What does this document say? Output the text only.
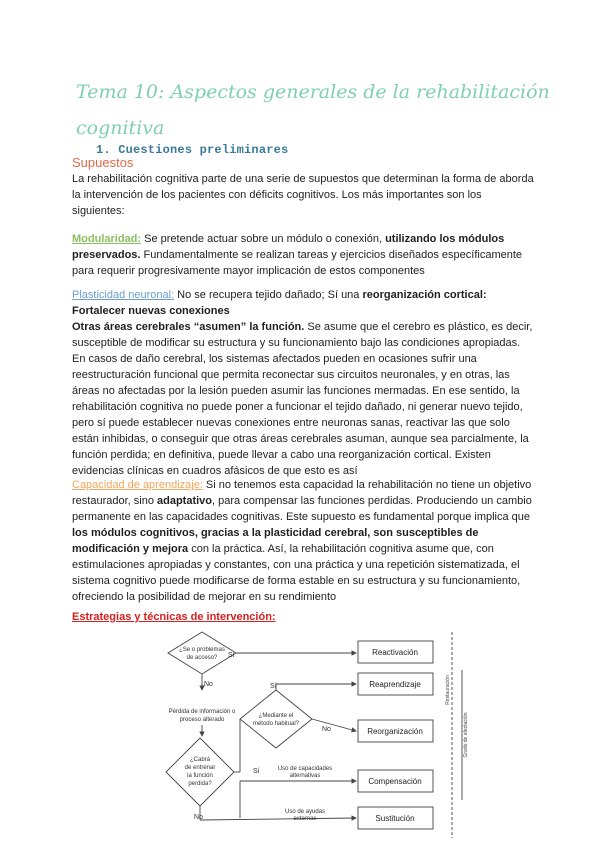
Tema 10: Aspectos generales de la rehabilitación cognitiva
1. Cuestiones preliminares
Supuestos

La rehabilitación cognitiva parte de una serie de supuestos que determinan la forma de aborda la intervención de los pacientes con déficits cognitivos. Los más importantes son los siguientes:

Modularidad: Se pretende actuar sobre un módulo o conexión, utilizando los módulos preservados. Fundamentalmente se realizan tareas y ejercicios diseñados específicamente para requerir progresivamente mayor implicación de estos componentes

Plasticidad neuronal: No se recupera tejido dañado; Sí una reorganización cortical: Fortalecer nuevas conexiones
Otras áreas cerebrales “asumen” la función. Se asume que el cerebro es plástico, es decir, susceptible de modificar su estructura y su funcionamiento bajo las condiciones apropiadas. En casos de daño cerebral, los sistemas afectados pueden en ocasiones sufrir una reestructuración funcional que permita reconectar sus circuitos neuronales, y en otras, las áreas no afectadas por la lesión pueden asumir las funciones mermadas. En ese sentido, la rehabilitación cognitiva no puede poner a funcionar el tejido dañado, ni generar nuevo tejido, pero sí puede establecer nuevas conexiones entre neuronas sanas, reactivar las que solo están inhibidas, o conseguir que otras áreas cerebrales asuman, aunque sea parcialmente, la función perdida; en definitiva, puede llevar a cabo una reorganización cortical. Existen evidencias clínicas en cuadros afásicos de que esto es así

Capacidad de aprendizaje: Si no tenemos esta capacidad la rehabilitación no tiene un objetivo restaurador, sino adaptativo, para compensar las funciones perdidas. Produciendo un cambio permanente en las capacidades cognitivas. Este supuesto es fundamental porque implica que los módulos cognitivos, gracias a la plasticidad cerebral, son susceptibles de modificación y mejora con la práctica. Así, la rehabilitación cognitiva asume que, con estimulaciones apropiadas y constantes, con una práctica y una repetición sistematizada, el sistema cognitivo puede modificarse de forma estable en su estructura y su funcionamiento, ofreciendo la posibilidad de mejorar en su rendimiento

Estrategias y técnicas de intervención:
¿Se o problemas
de acceso?
¿Mediante el
método habitual?
¿Cabrá
de entrenar
la función
perdida?
Pérdida de información o
proceso alterado
Uso de capacidades
alternativas
Uso de ayudas
externas
Sí
No	Sí
No
Sí
No
Reactivación
Reaprendizaje
Reorganización
Compensación
Sustitución
Restauración
Grado de afectación
